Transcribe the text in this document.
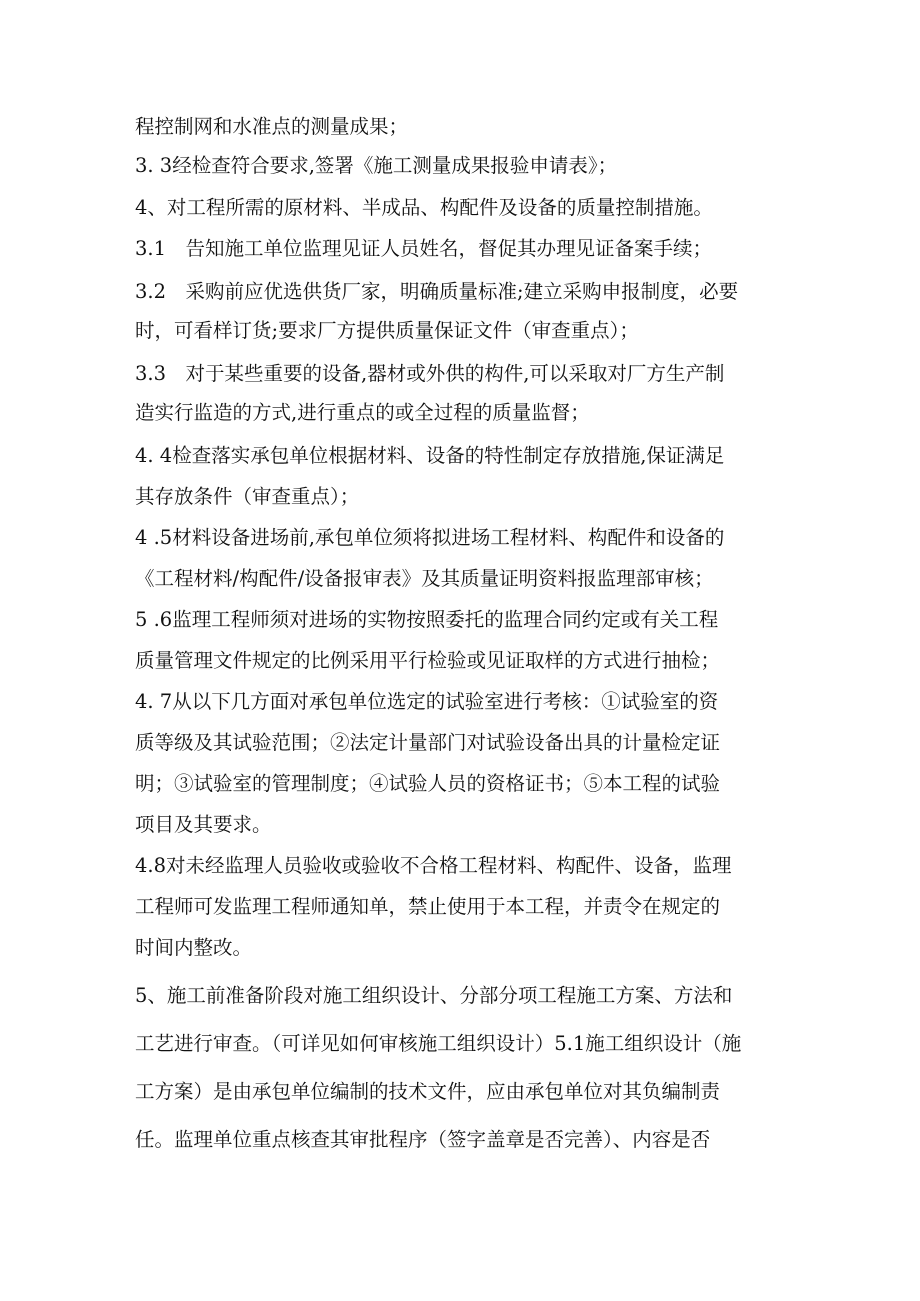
程控制网和水准点的测量成果；
3. 3经检查符合要求,签署《施工测量成果报验申请表》；
4、对工程所需的原材料、半成品、构配件及设备的质量控制措施。
3.1　告知施工单位监理见证人员姓名，督促其办理见证备案手续；
3.2　采购前应优选供货厂家，明确质量标准;建立采购申报制度，必要
时，可看样订货;要求厂方提供质量保证文件（审查重点）；
3.3　对于某些重要的设备,器材或外供的构件,可以采取对厂方生产制
造实行监造的方式,进行重点的或全过程的质量监督；
4. 4检查落实承包单位根据材料、设备的特性制定存放措施,保证满足
其存放条件（审查重点）；
4 .5材料设备进场前,承包单位须将拟进场工程材料、构配件和设备的
《工程材料/构配件/设备报审表》及其质量证明资料报监理部审核；
5 .6监理工程师须对进场的实物按照委托的监理合同约定或有关工程
质量管理文件规定的比例采用平行检验或见证取样的方式进行抽检；
4. 7从以下几方面对承包单位选定的试验室进行考核：①试验室的资
质等级及其试验范围；②法定计量部门对试验设备出具的计量检定证
明；③试验室的管理制度；④试验人员的资格证书；⑤本工程的试验
项目及其要求。
4.8对未经监理人员验收或验收不合格工程材料、构配件、设备，监理
工程师可发监理工程师通知单，禁止使用于本工程，并责令在规定的
时间内整改。
5、施工前准备阶段对施工组织设计、分部分项工程施工方案、方法和
工艺进行审查。（可详见如何审核施工组织设计）5.1施工组织设计（施
工方案）是由承包单位编制的技术文件，应由承包单位对其负编制责
任。监理单位重点核查其审批程序（签字盖章是否完善）、内容是否
